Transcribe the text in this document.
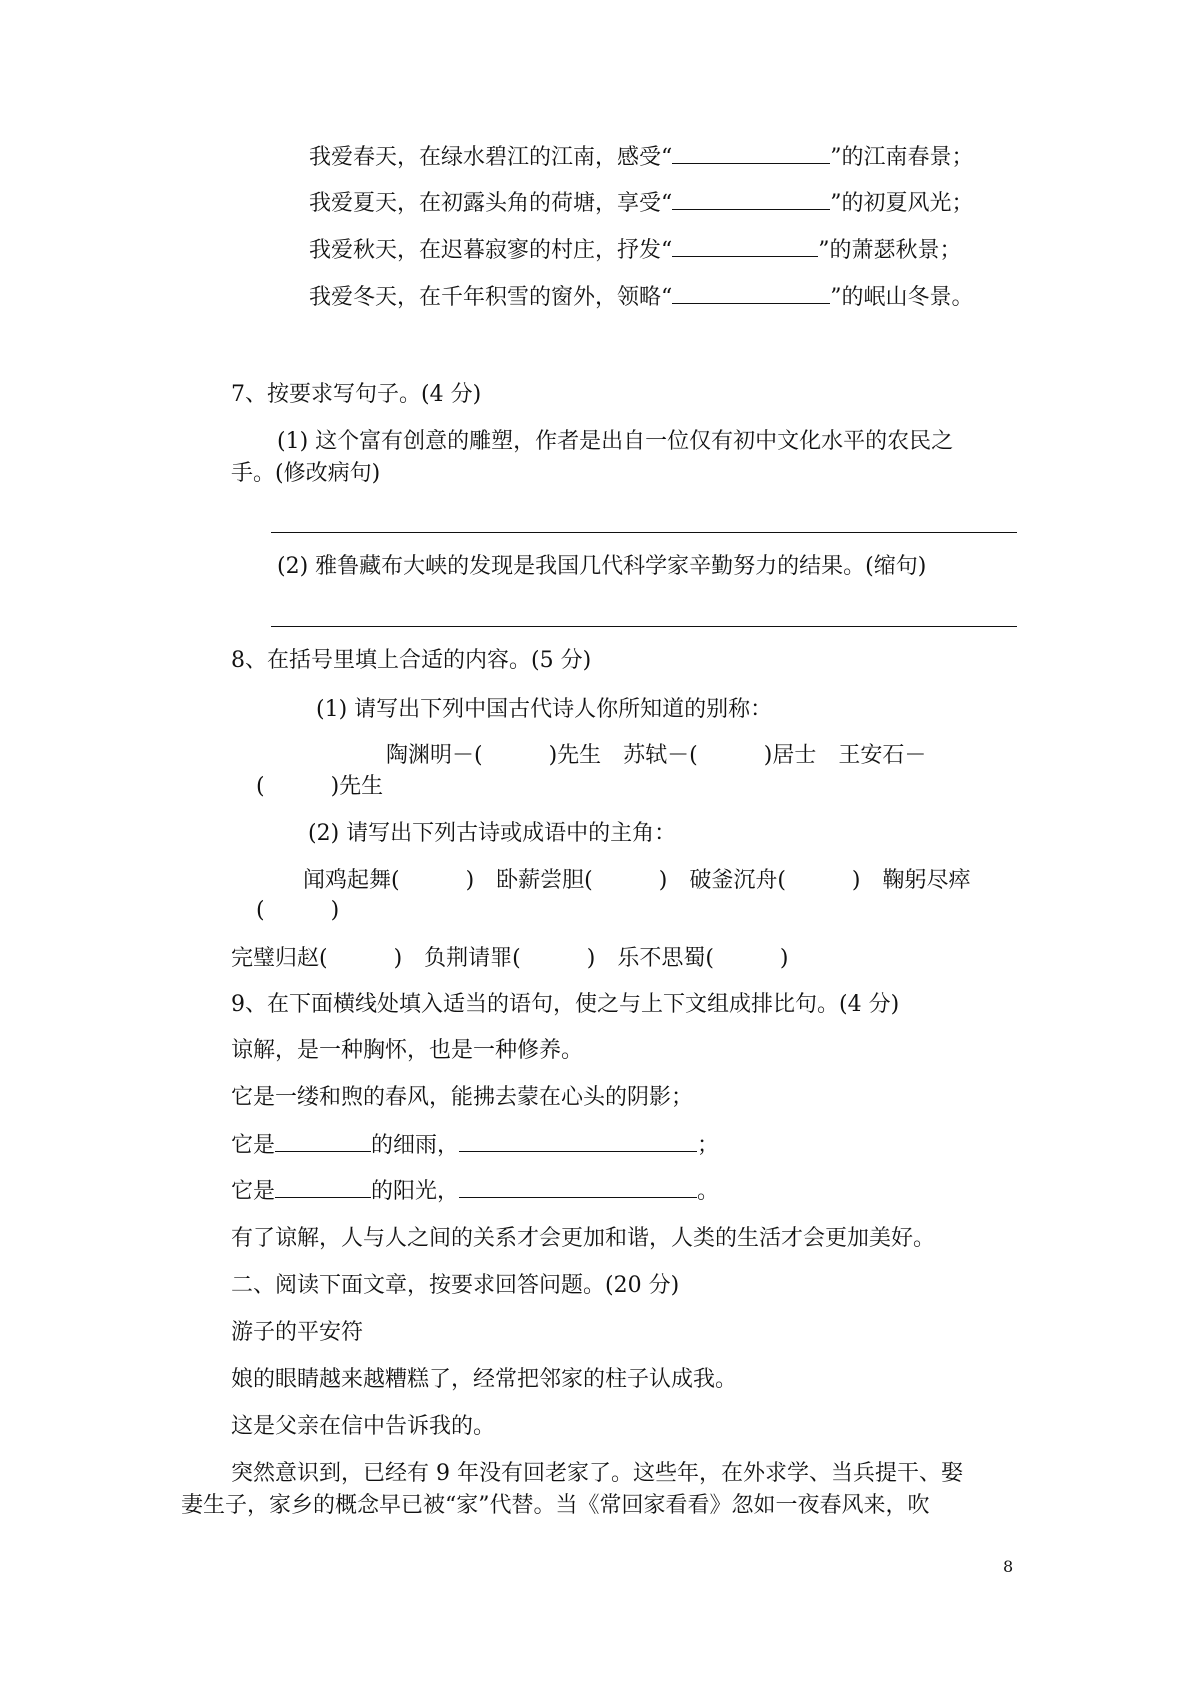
我爱春天，在绿水碧江的江南，感受“	”的江南春景；
我爱夏天，在初露头角的荷塘，享受“	”的初夏风光；
我爱秋天，在迟暮寂寥的村庄，抒发“	”的萧瑟秋景；
我爱冬天，在千年积雪的窗外，领略“	”的岷山冬景。
7、按要求写句子。(4 分)
(1) 这个富有创意的雕塑，作者是出自一位仅有初中文化水平的农民之
手。(修改病句)
(2) 雅鲁藏布大峡的发现是我国几代科学家辛勤努力的结果。(缩句)
8、在括号里填上合适的内容。(5 分)
(1) 请写出下列中国古代诗人你所知道的别称：
陶渊明－(　　　)先生　苏轼－(　　　)居士　王安石－
(　　　)先生
(2) 请写出下列古诗或成语中的主角：
闻鸡起舞(　　　)　卧薪尝胆(　　　)　破釜沉舟(　　　)　鞠躬尽瘁
(　　　)
完璧归赵(　　　)　负荆请罪(　　　)　乐不思蜀(　　　)
9、在下面横线处填入适当的语句，使之与上下文组成排比句。(4 分)
谅解，是一种胸怀，也是一种修养。
它是一缕和煦的春风，能拂去蒙在心头的阴影；
它是	的细雨，	；
它是	的阳光，	。
有了谅解，人与人之间的关系才会更加和谐，人类的生活才会更加美好。
二、阅读下面文章，按要求回答问题。(20 分)
游子的平安符
娘的眼睛越来越糟糕了，经常把邻家的柱子认成我。
这是父亲在信中告诉我的。
突然意识到，已经有 9 年没有回老家了。这些年，在外求学、当兵提干、娶
妻生子，家乡的概念早已被“家”代替。当《常回家看看》忽如一夜春风来，吹
8
